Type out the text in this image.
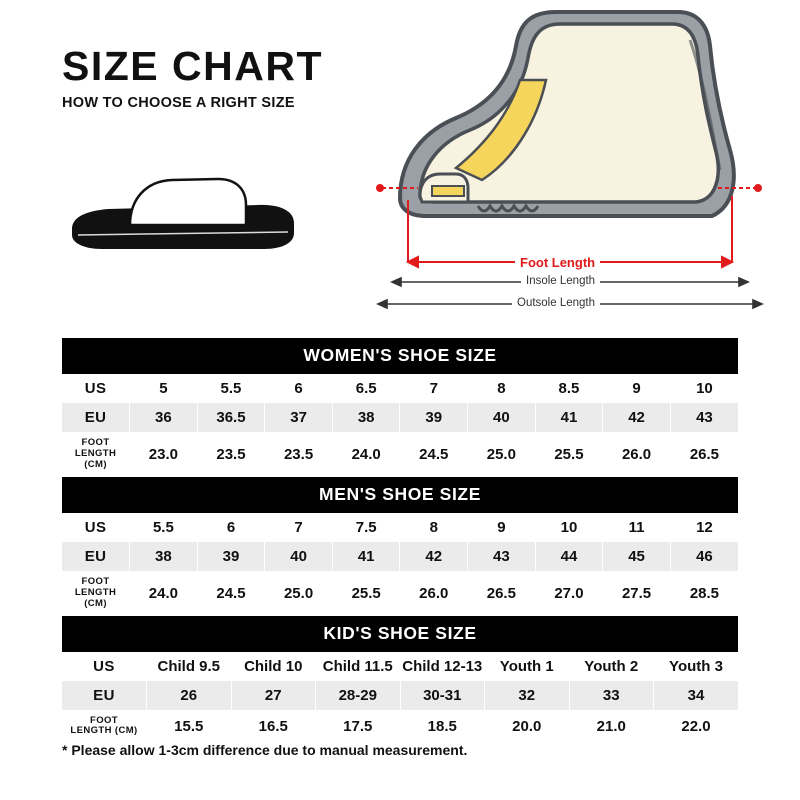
SIZE CHART

HOW TO CHOOSE A RIGHT SIZE

Foot Length
Insole Length
Outsole Length
WOMEN'S SHOE SIZE									
US	5	5.5	6	6.5	7	8	8.5	9	10
EU	36	36.5	37	38	39	40	41	42	43
FOOT
LENGTH (CM)	23.0	23.5	23.5	24.0	24.5	25.0	25.5	26.0	26.5
MEN'S SHOE SIZE									
US	5.5	6	7	7.5	8	9	10	11	12
EU	38	39	40	41	42	43	44	45	46
FOOT
LENGTH (CM)	24.0	24.5	25.0	25.5	26.0	26.5	27.0	27.5	28.5
KID'S SHOE SIZE							
US	Child 9.5	Child 10	Child 11.5	Child 12-13	Youth 1	Youth 2	Youth 3
EU	26	27	28-29	30-31	32	33	34
FOOT
LENGTH (CM)	15.5	16.5	17.5	18.5	20.0	21.0	22.0
* Please allow 1-3cm difference due to manual measurement.
